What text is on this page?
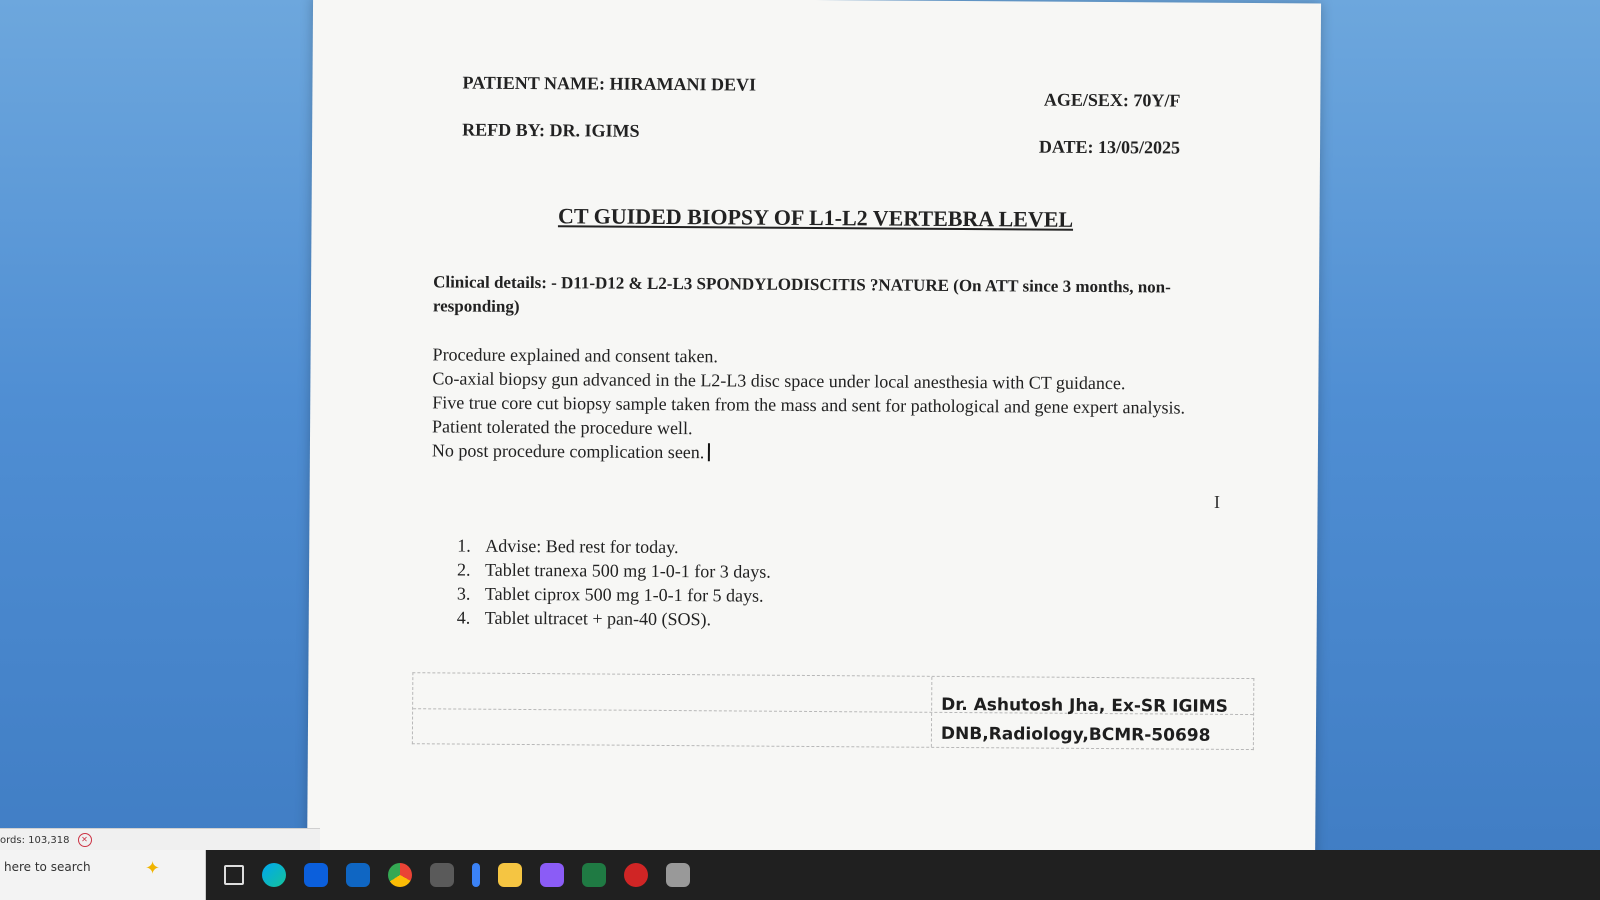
PATIENT NAME: HIRAMANI DEVI
REFD BY: DR. IGIMS
AGE/SEX: 70Y/F
DATE: 13/05/2025
CT GUIDED BIOPSY OF L1-L2 VERTEBRA LEVEL
Clinical details: - D11-D12 & L2-L3 SPONDYLODISCITIS ?NATURE (On ATT since 3 months, non-responding)

Procedure explained and consent taken.

Co-axial biopsy gun advanced in the L2-L3 disc space under local anesthesia with CT guidance.

Five true core cut biopsy sample taken from the mass and sent for pathological and gene expert analysis.

Patient tolerated the procedure well.

No post procedure complication seen.

1. Advise: Bed rest for today.
2. Tablet tranexa 500 mg 1-0-1 for 3 days.
3. Tablet ciprox 500 mg 1-0-1 for 5 days.
4. Tablet ultracet + pan-40 (SOS).
Dr. Ashutosh Jha, Ex-SR IGIMS
DNB,Radiology,BCMR-50698
I
ords: 103,318	✕
here to search	✦
